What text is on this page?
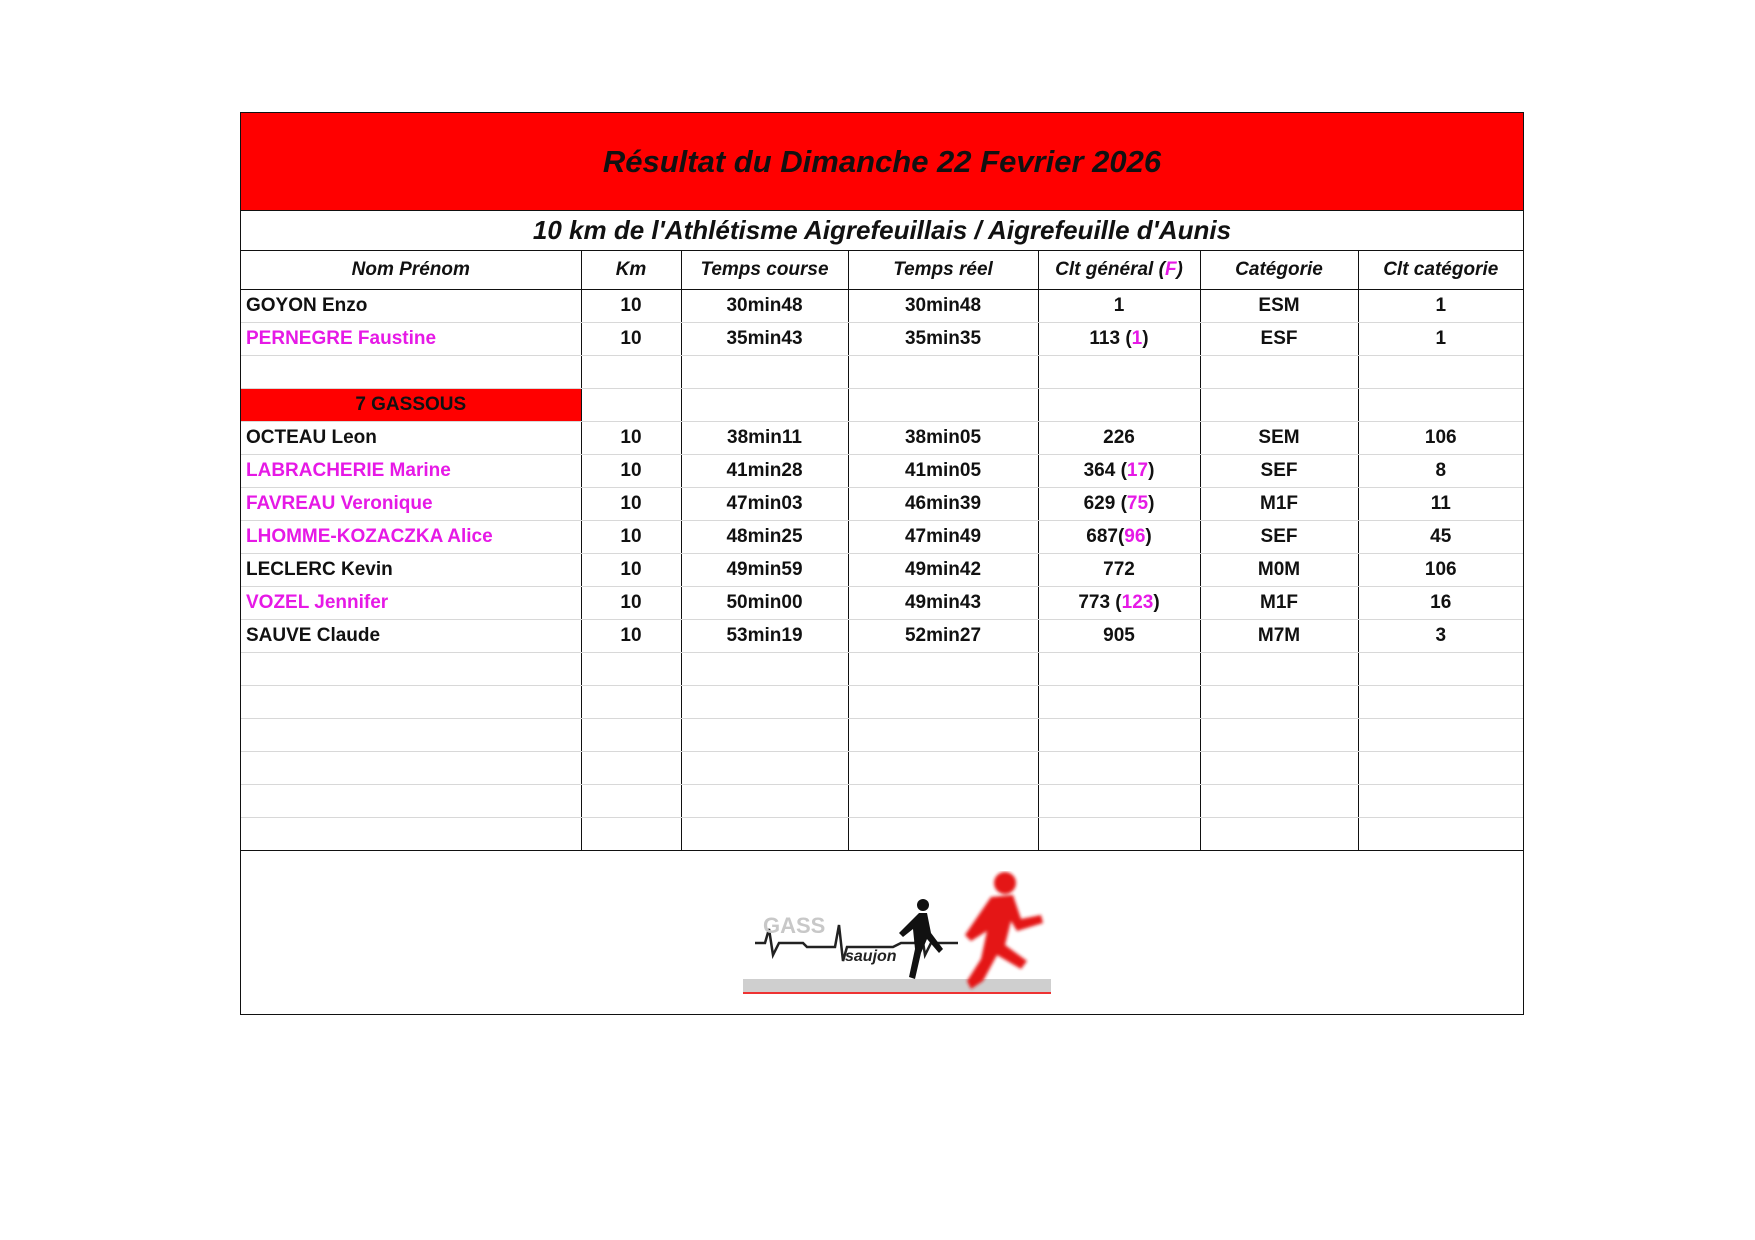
Résultat du Dimanche 22 Fevrier 2026
10 km de l'Athlétisme Aigrefeuillais / Aigrefeuille d'Aunis
Nom Prénom	Km	Temps course	Temps réel	Clt général (F)	Catégorie	Clt catégorie
GOYON Enzo	10	30min48	30min48	1	ESM	1
PERNEGRE Faustine	10	35min43	35min35	113 (1)	ESF	1

7 GASSOUS						
OCTEAU Leon	10	38min11	38min05	226	SEM	106
LABRACHERIE Marine	10	41min28	41min05	364 (17)	SEF	8
FAVREAU Veronique	10	47min03	46min39	629 (75)	M1F	11
LHOMME-KOZACZKA Alice	10	48min25	47min49	687(96)	SEF	45
LECLERC Kevin	10	49min59	49min42	772	M0M	106
VOZEL Jennifer	10	50min00	49min43	773 (123)	M1F	16
SAUVE Claude	10	53min19	52min27	905	M7M	3

GASS
saujon
